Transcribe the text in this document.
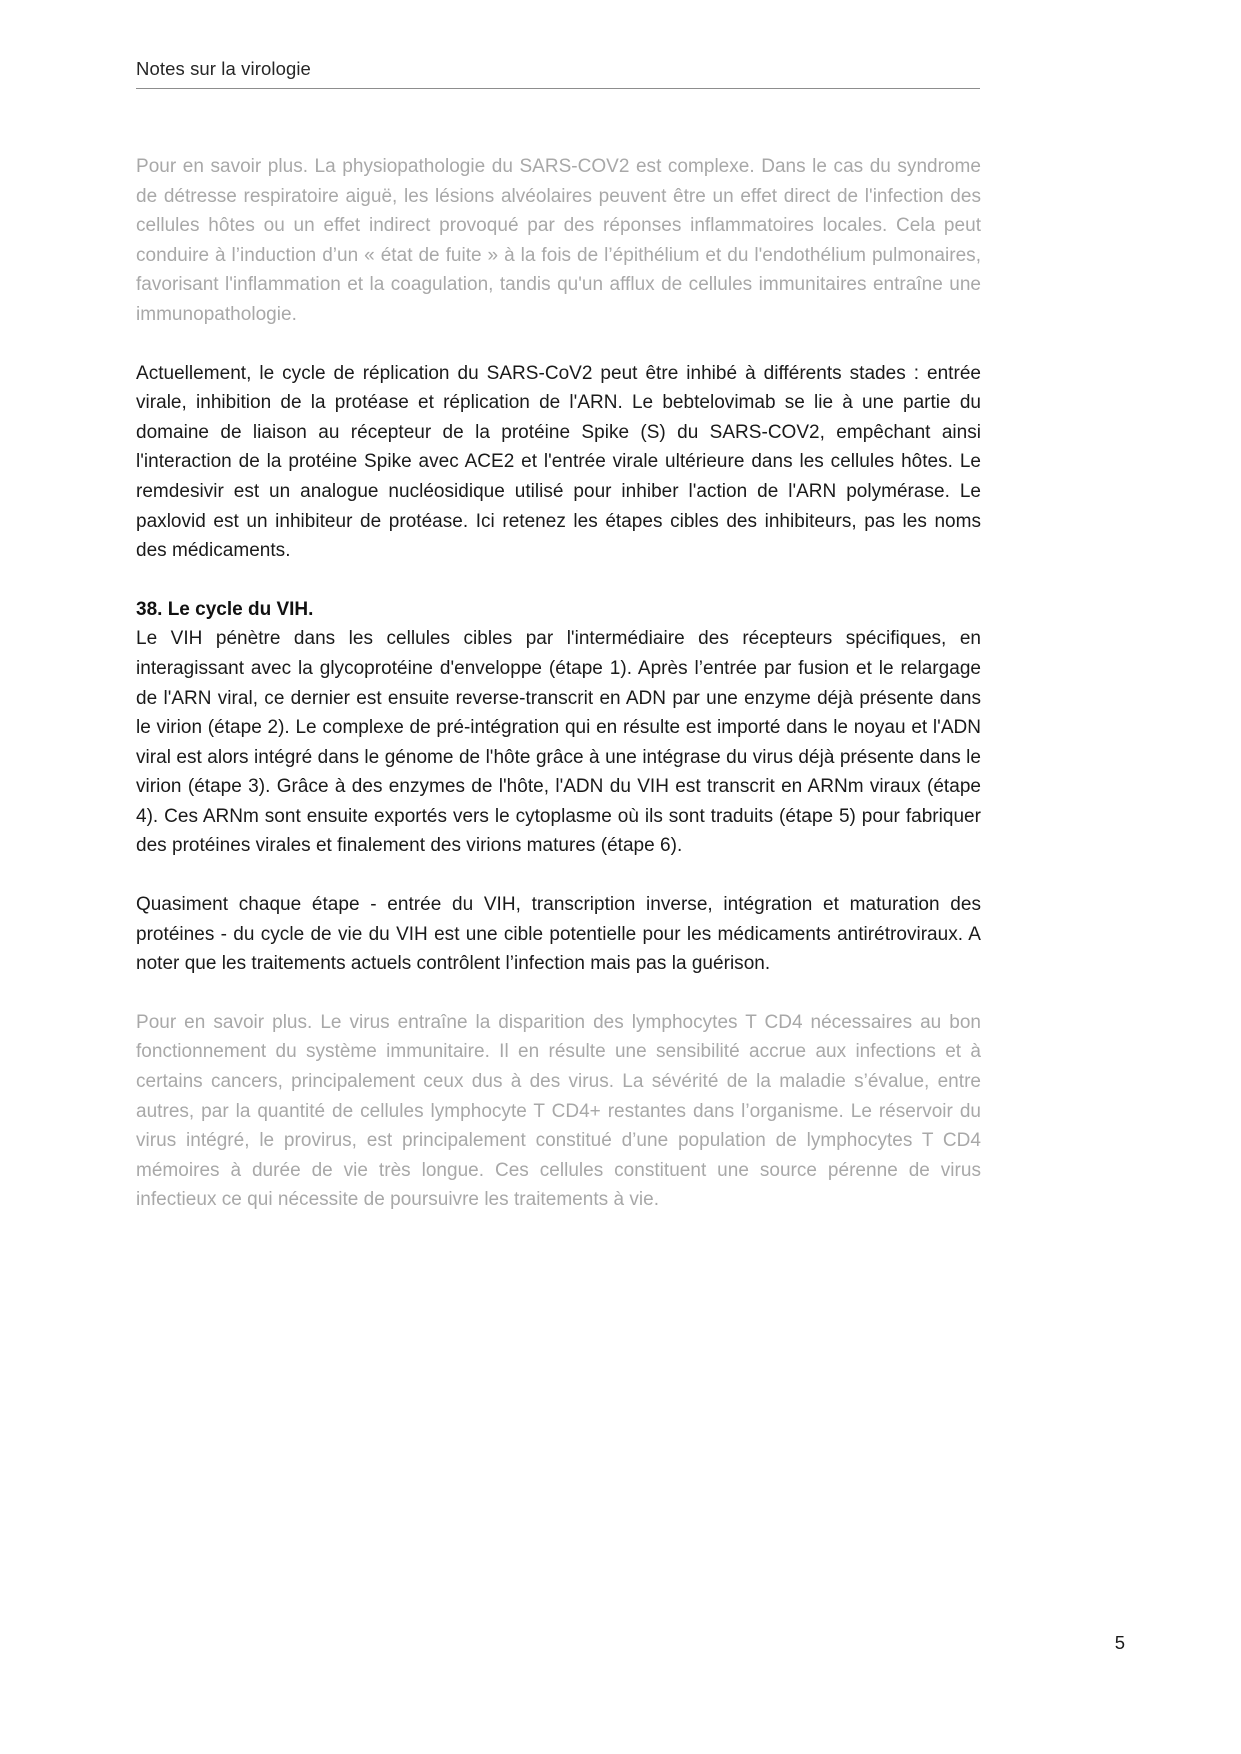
Notes sur la virologie

Pour en savoir plus. La physiopathologie du SARS-COV2 est complexe. Dans le cas du syndrome de détresse respiratoire aiguë, les lésions alvéolaires peuvent être un effet direct de l'infection des cellules hôtes ou un effet indirect provoqué par des réponses inflammatoires locales. Cela peut conduire à l’induction d’un « état de fuite » à la fois de l’épithélium et du l'endothélium pulmonaires, favorisant l'inflammation et la coagulation, tandis qu'un afflux de cellules immunitaires entraîne une immunopathologie.

Actuellement, le cycle de réplication du SARS-CoV2 peut être inhibé à différents stades : entrée virale, inhibition de la protéase et réplication de l'ARN. Le bebtelovimab se lie à une partie du domaine de liaison au récepteur de la protéine Spike (S) du SARS-COV2, empêchant ainsi l'interaction de la protéine Spike avec ACE2 et l'entrée virale ultérieure dans les cellules hôtes. Le remdesivir est un analogue nucléosidique utilisé pour inhiber l'action de l'ARN polymérase. Le paxlovid est un inhibiteur de protéase. Ici retenez les étapes cibles des inhibiteurs, pas les noms des médicaments.

38. Le cycle du VIH.

Le VIH pénètre dans les cellules cibles par l'intermédiaire des récepteurs spécifiques, en interagissant avec la glycoprotéine d'enveloppe (étape 1). Après l’entrée par fusion et le relargage de l'ARN viral, ce dernier est ensuite reverse-transcrit en ADN par une enzyme déjà présente dans le virion (étape 2). Le complexe de pré-intégration qui en résulte est importé dans le noyau et l'ADN viral est alors intégré dans le génome de l'hôte grâce à une intégrase du virus déjà présente dans le virion (étape 3). Grâce à des enzymes de l'hôte, l'ADN du VIH est transcrit en ARNm viraux (étape 4). Ces ARNm sont ensuite exportés vers le cytoplasme où ils sont traduits (étape 5) pour fabriquer des protéines virales et finalement des virions matures (étape 6).

Quasiment chaque étape - entrée du VIH, transcription inverse, intégration et maturation des protéines - du cycle de vie du VIH est une cible potentielle pour les médicaments antirétroviraux. A noter que les traitements actuels contrôlent l’infection mais pas la guérison.

Pour en savoir plus. Le virus entraîne la disparition des lymphocytes T CD4 nécessaires au bon fonctionnement du système immunitaire. Il en résulte une sensibilité accrue aux infections et à certains cancers, principalement ceux dus à des virus. La sévérité de la maladie s’évalue, entre autres, par la quantité de cellules lymphocyte T CD4+ restantes dans l’organisme. Le réservoir du virus intégré, le provirus, est principalement constitué d’une population de lymphocytes T CD4 mémoires à durée de vie très longue. Ces cellules constituent une source pérenne de virus infectieux ce qui nécessite de poursuivre les traitements à vie.

5
